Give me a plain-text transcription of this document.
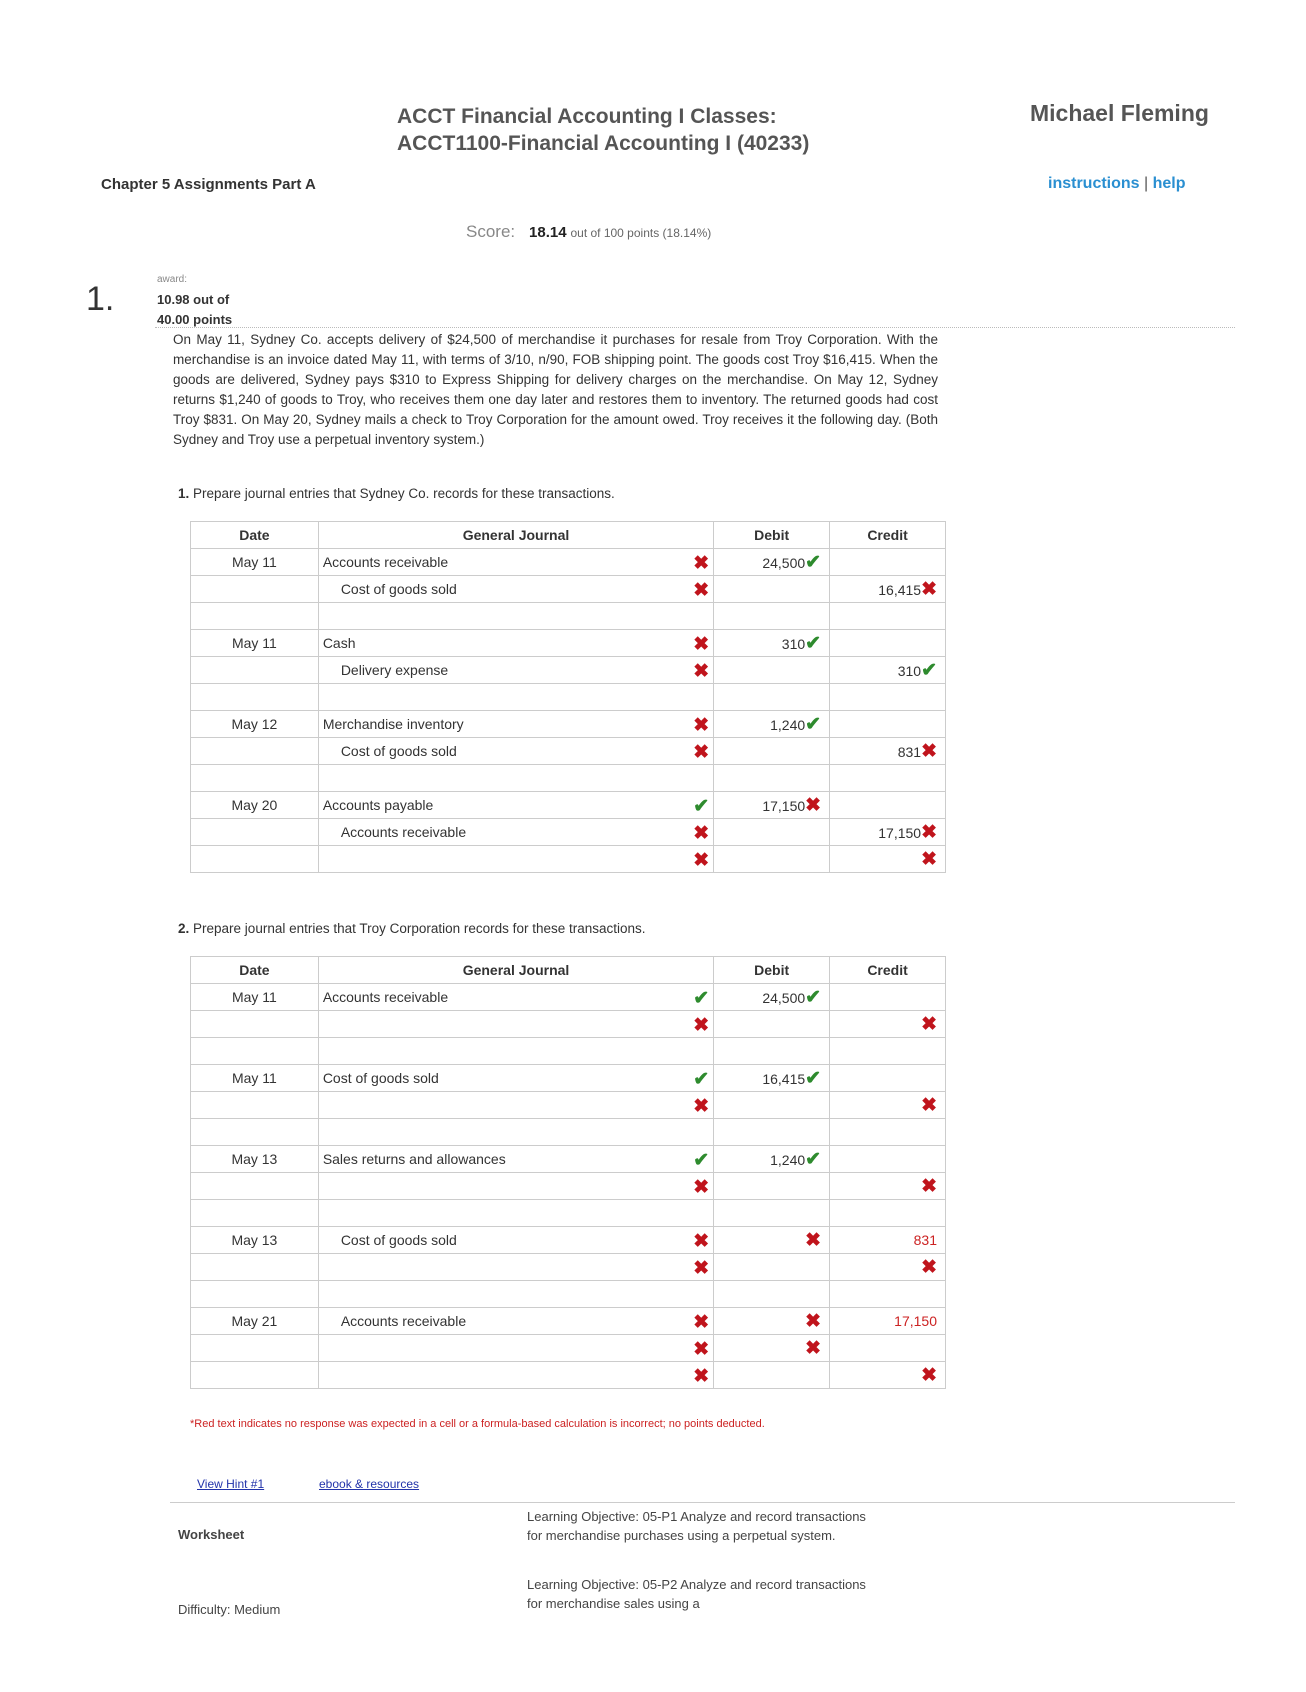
ACCT Financial Accounting I Classes:
ACCT1100-Financial Accounting I (40233)
Michael Fleming
Chapter 5 Assignments Part A	instructions | help
Score: 18.14 out of 100 points (18.14%)
1.
award:
10.98 out of
40.00 points
On May 11, Sydney Co. accepts delivery of $24,500 of merchandise it purchases for resale from Troy Corporation. With the merchandise is an invoice dated May 11, with terms of 3/10, n/90, FOB shipping point. The goods cost Troy $16,415. When the goods are delivered, Sydney pays $310 to Express Shipping for delivery charges on the merchandise. On May 12, Sydney returns $1,240 of goods to Troy, who receives them one day later and restores them to inventory. The returned goods had cost Troy $831. On May 20, Sydney mails a check to Troy Corporation for the amount owed. Troy receives it the following day. (Both Sydney and Troy use a perpetual inventory system.)
1. Prepare journal entries that Sydney Co. records for these transactions.
Date	General Journal	Debit	Credit
May 11	Accounts receivable ✖	24,500✔	
	Cost of goods sold ✖		16,415✖

May 11	Cash ✖	310✔	
	Delivery expense ✖		310✔

May 12	Merchandise inventory ✖	1,240✔	
	Cost of goods sold ✖		831✖

May 20	Accounts payable ✔	17,150✖	
	Accounts receivable ✖		17,150✖

	✖		✖
2. Prepare journal entries that Troy Corporation records for these transactions.
Date	General Journal	Debit	Credit
May 11	Accounts receivable ✔	24,500✔	

	✖		✖

May 11	Cost of goods sold ✔	16,415✔	

	✖		✖

May 13	Sales returns and allowances ✔	1,240✔	

	✖		✖

May 13	Cost of goods sold ✖	✖	831

	✖		✖

May 21	Accounts receivable ✖	✖	17,150

	✖	✖	

	✖		✖
*Red text indicates no response was expected in a cell or a formula-based calculation is incorrect; no points deducted.
View Hint #1	ebook & resources
Worksheet
Difficulty: Medium
Learning Objective: 05-P1 Analyze and record transactions for merchandise purchases using a perpetual system.
Learning Objective: 05-P2 Analyze and record transactions for merchandise sales using a
